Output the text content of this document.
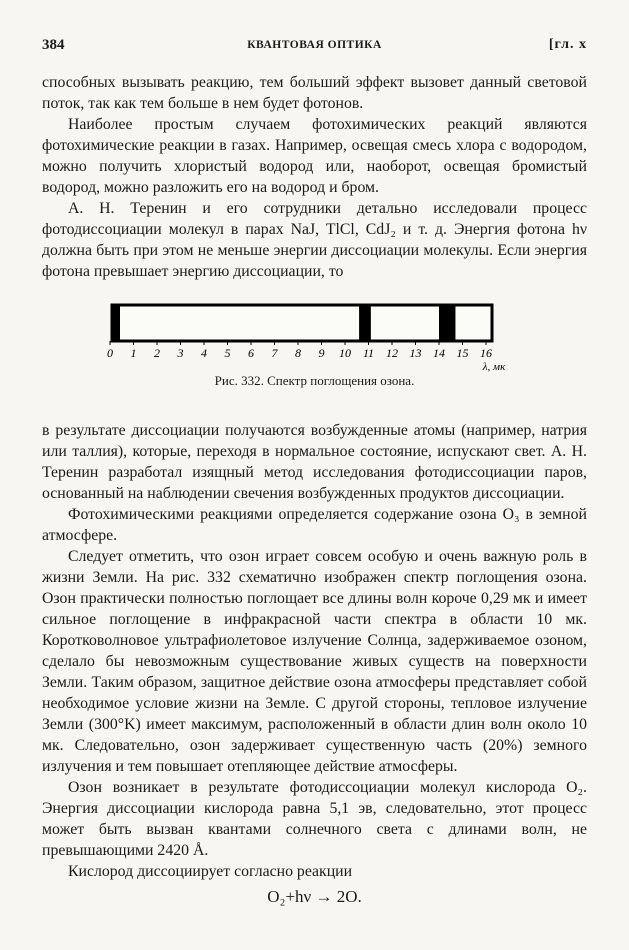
384	КВАНТОВАЯ ОПТИКА	[гл. x

способных вызывать реакцию, тем больший эффект вызовет данный световой поток, так как тем больше в нем будет фотонов.

Наиболее простым случаем фотохимических реакций являются фотохимические реакции в газах. Например, освещая смесь хлора с водородом, можно получить хлористый водород или, наоборот, освещая бромистый водород, можно разложить его на водород и бром.

А. Н. Теренин и его сотрудники детально исследовали процесс фотодиссоциации молекул в парах NaJ, TlCl, CdJ₂ и т. д. Энергия фотона hν должна быть при этом не меньше энергии диссоциации молекулы. Если энергия фотона превышает энергию диссоциации, то

0 1 2 3 4 5 6 7 8 9 10 11 12 13 14 15 16
λ, мк
Рис. 332. Спектр поглощения озона.

в результате диссоциации получаются возбужденные атомы (например, натрия или таллия), которые, переходя в нормальное состояние, испускают свет. А. Н. Теренин разработал изящный метод исследования фотодиссоциации паров, основанный на наблюдении свечения возбужденных продуктов диссоциации.

Фотохимическими реакциями определяется содержание озона O₃ в земной атмосфере.

Следует отметить, что озон играет совсем особую и очень важную роль в жизни Земли. На рис. 332 схематично изображен спектр поглощения озона. Озон практически полностью поглощает все длины волн короче 0,29 мк и имеет сильное поглощение в инфракрасной части спектра в области 10 мк. Коротковолновое ультрафиолетовое излучение Солнца, задерживаемое озоном, сделало бы невозможным существование живых существ на поверхности Земли. Таким образом, защитное действие озона атмосферы представляет собой необходимое условие жизни на Земле. С другой стороны, тепловое излучение Земли (300°K) имеет максимум, расположенный в области длин волн около 10 мк. Следовательно, озон задерживает существенную часть (20%) земного излучения и тем повышает отепляющее действие атмосферы.

Озон возникает в результате фотодиссоциации молекул кислорода O₂. Энергия диссоциации кислорода равна 5,1 эв, следовательно, этот процесс может быть вызван квантами солнечного света с длинами волн, не превышающими 2420 Å.

Кислород диссоциирует согласно реакции

O₂+hν → 2O.
